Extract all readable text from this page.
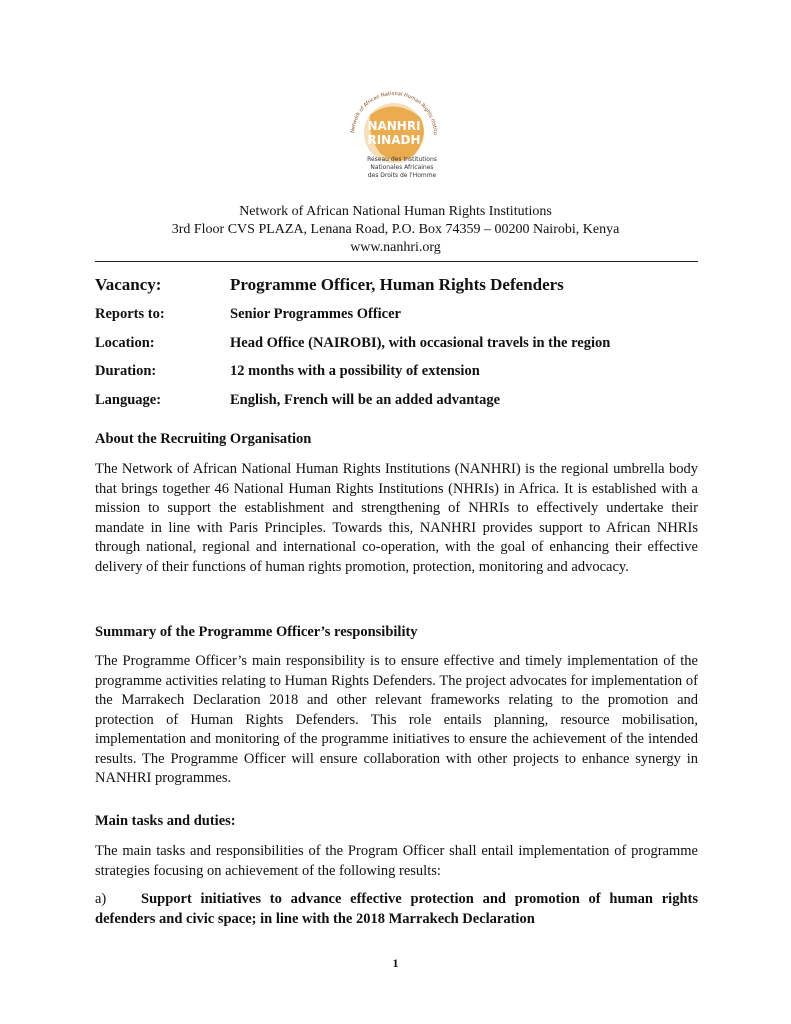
Network of African National Human Rights Institu
NANHRI
RINADH
Réseau des Institutions
Nationales Africaines
des Droits de l'Homme
Network of African National Human Rights Institutions
3rd Floor CVS PLAZA, Lenana Road, P.O. Box 74359 – 00200 Nairobi, Kenya
www.nanhri.org
Vacancy:	Programme Officer, Human Rights Defenders
Reports to:	Senior Programmes Officer
Location:	Head Office (NAIROBI), with occasional travels in the region
Duration:	12 months with a possibility of extension
Language:	English, French will be an added advantage
About the Recruiting Organisation
The Network of African National Human Rights Institutions (NANHRI) is the regional umbrella body that brings together 46 National Human Rights Institutions (NHRIs) in Africa. It is established with a mission to support the establishment and strengthening of NHRIs to effectively undertake their mandate in line with Paris Principles. Towards this, NANHRI provides support to African NHRIs through national, regional and international co-operation, with the goal of enhancing their effective delivery of their functions of human rights promotion, protection, monitoring and advocacy.
Summary of the Programme Officer’s responsibility
The Programme Officer’s main responsibility is to ensure effective and timely implementation of the programme activities relating to Human Rights Defenders. The project advocates for implementation of the Marrakech Declaration 2018 and other relevant frameworks relating to the promotion and protection of Human Rights Defenders. This role entails planning, resource mobilisation, implementation and monitoring of the programme initiatives to ensure the achievement of the intended results. The Programme Officer will ensure collaboration with other projects to enhance synergy in NANHRI programmes.
Main tasks and duties:
The main tasks and responsibilities of the Program Officer shall entail implementation of programme strategies focusing on achievement of the following results:
a) Support initiatives to advance effective protection and promotion of human rights defenders and civic space; in line with the 2018 Marrakech Declaration
1
